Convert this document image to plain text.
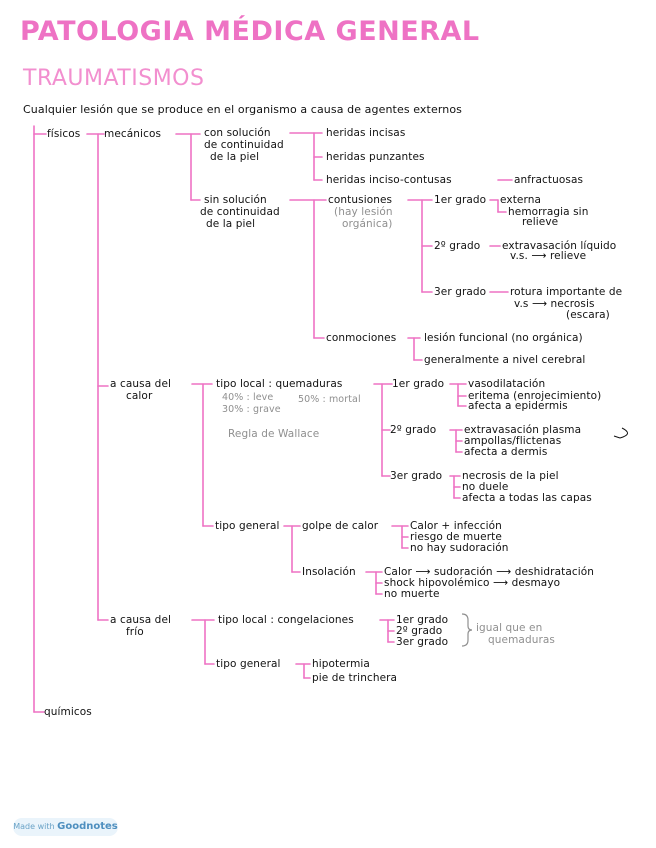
PATOLOGIA MÉDICA GENERAL
TRAUMATISMOS
Cualquier lesión que se produce en el organismo a causa de agentes externos
físicos
químicos
mecánicos	con solución
de continuidad
de la piel
heridas incisas
heridas punzantes
heridas inciso-contusas	anfractuosas
sin solución
de continuidad
de la piel
contusiones
(hay lesión
orgánica)
1er grado externa
hemorragia sin
relieve
2º grado extravasación líquido
v.s. ⟶ relieve
3er grado rotura importante de
v.s ⟶ necrosis
(escara)
conmociones	lesión funcional (no orgánica)
generalmente a nivel cerebral
a causa del
calor
tipo local : quemaduras
40% : leve
30% : grave
50% : mortal
Regla de Wallace
1er grado vasodilatación
eritema (enrojecimiento)
afecta a epidermis
2º grado	extravasación plasma
ampollas/flictenas
afecta a dermis
3er grado necrosis de la piel
no duele
afecta a todas las capas
tipo general golpe de calor	Calor + infección
riesgo de muerte
no hay sudoración
Insolación	Calor ⟶ sudoración ⟶ deshidratación
shock hipovolémico ⟶ desmayo
no muerte
a causa del
frío
tipo local : congelaciones	1er grado
2º grado
3er grado
igual que en
quemaduras
tipo general	hipotermia
pie de trinchera
Made with Goodnotes
